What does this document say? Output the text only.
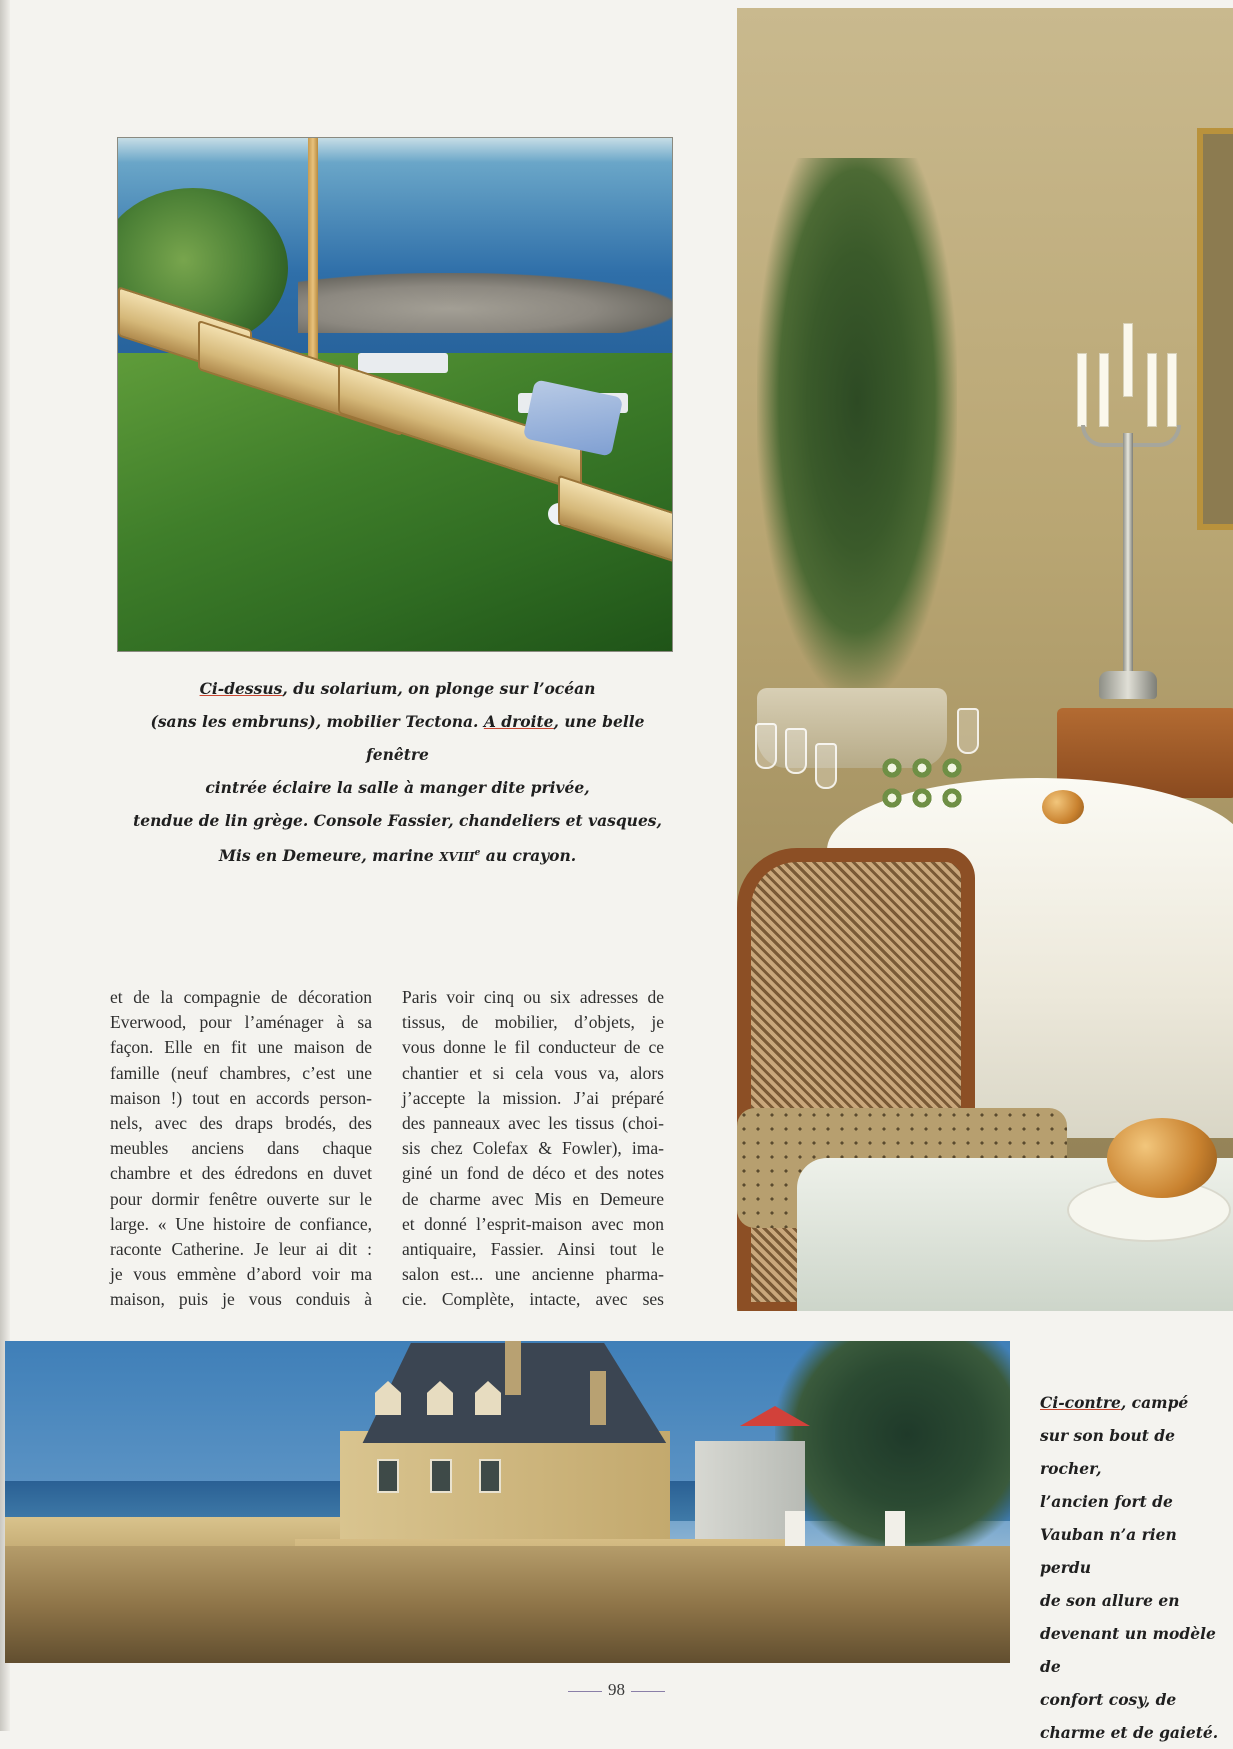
Ci-dessus, du solarium, on plonge sur l’océan
(sans les embruns), mobilier Tectona. A droite, une belle fenêtre
cintrée éclaire la salle à manger dite privée,
tendue de lin grège. Console Fassier, chandeliers et vasques,
Mis en Demeure, marine XVIIIe au crayon.
et de la compagnie de décoration
Everwood, pour l’aménager à sa
façon. Elle en fit une maison de
famille (neuf chambres, c’est une
maison !) tout en accords person-
nels, avec des draps brodés, des
meubles anciens dans chaque
chambre et des édredons en duvet
pour dormir fenêtre ouverte sur le
large. « Une histoire de confiance,
raconte Catherine. Je leur ai dit :
je vous emmène d’abord voir ma
maison, puis je vous conduis à
Paris voir cinq ou six adresses de
tissus, de mobilier, d’objets, je
vous donne le fil conducteur de ce
chantier et si cela vous va, alors
j’accepte la mission. J’ai préparé
des panneaux avec les tissus (choi-
sis chez Colefax & Fowler), ima-
giné un fond de déco et des notes
de charme avec Mis en Demeure
et donné l’esprit-maison avec mon
antiquaire, Fassier. Ainsi tout le
salon est... une ancienne pharma-
cie. Complète, intacte, avec ses
Ci-contre, campé
sur son bout de rocher,
l’ancien fort de
Vauban n’a rien perdu
de son allure en
devenant un modèle de
confort cosy, de
charme et de gaieté.
98
